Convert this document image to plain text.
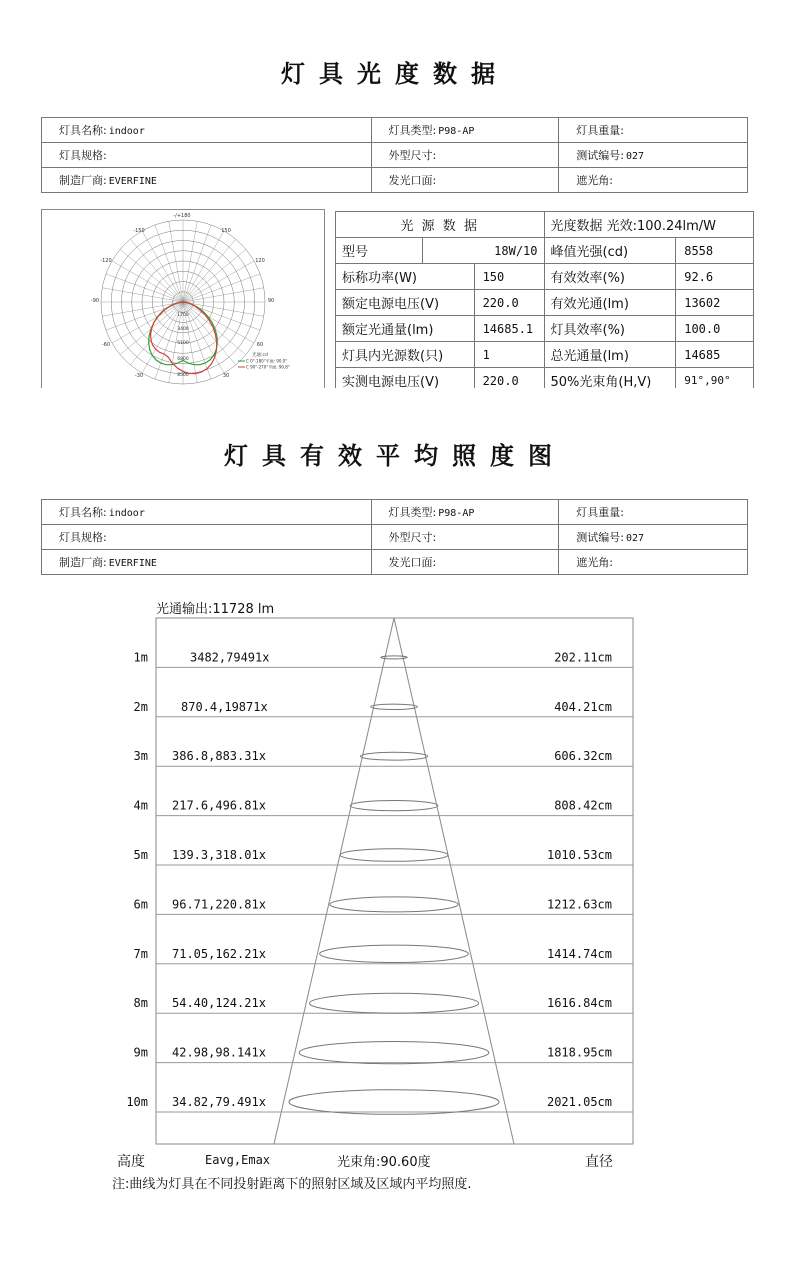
灯具光度数据
灯具名称: indoor	灯具类型: P98-AP	灯具重量:
灯具规格:	外型尺寸:	测试编号: 027
制造厂商: EVERFINE	发光口面:	遮光角:
-/+180
-150	150
-120	120
-90	90
-60	60
-30	30
1700
3400
5100
6800
8500
光通:cd
C 0°-180°平面: 90.0°
C 90°-270°平面: 90.8°
光 源 数 据			光度数据 光效:100.24lm/W	
型号	18W/10		峰值光强(cd)	8558
标称功率(W)		150	有效效率(%)	92.6
额定电源电压(V)		220.0	有效光通(lm)	13602
额定光通量(lm)		14685.1	灯具效率(%)	100.0
灯具内光源数(只)		1	总光通量(lm)	14685
实测电源电压(V)		220.0	50%光束角(H,V)	91°,90°
灯具有效平均照度图
灯具名称: indoor	灯具类型: P98-AP	灯具重量:
灯具规格:	外型尺寸:	测试编号: 027
制造厂商: EVERFINE	发光口面:	遮光角:
光通输出:11728 lm
1m	3482,79491x	202.11cm
2m	870.4,19871x	404.21cm
3m 386.8,883.31x	606.32cm
4m 217.6,496.81x	808.42cm
5m 139.3,318.01x	1010.53cm
6m 96.71,220.81x	1212.63cm
7m 71.05,162.21x	1414.74cm
8m 54.40,124.21x	1616.84cm
9m 42.98,98.141x	1818.95cm
10m 34.82,79.491x	2021.05cm
高度	Eavg,Emax	光束角:90.60度	直径
注:曲线为灯具在不同投射距离下的照射区域及区域内平均照度.
